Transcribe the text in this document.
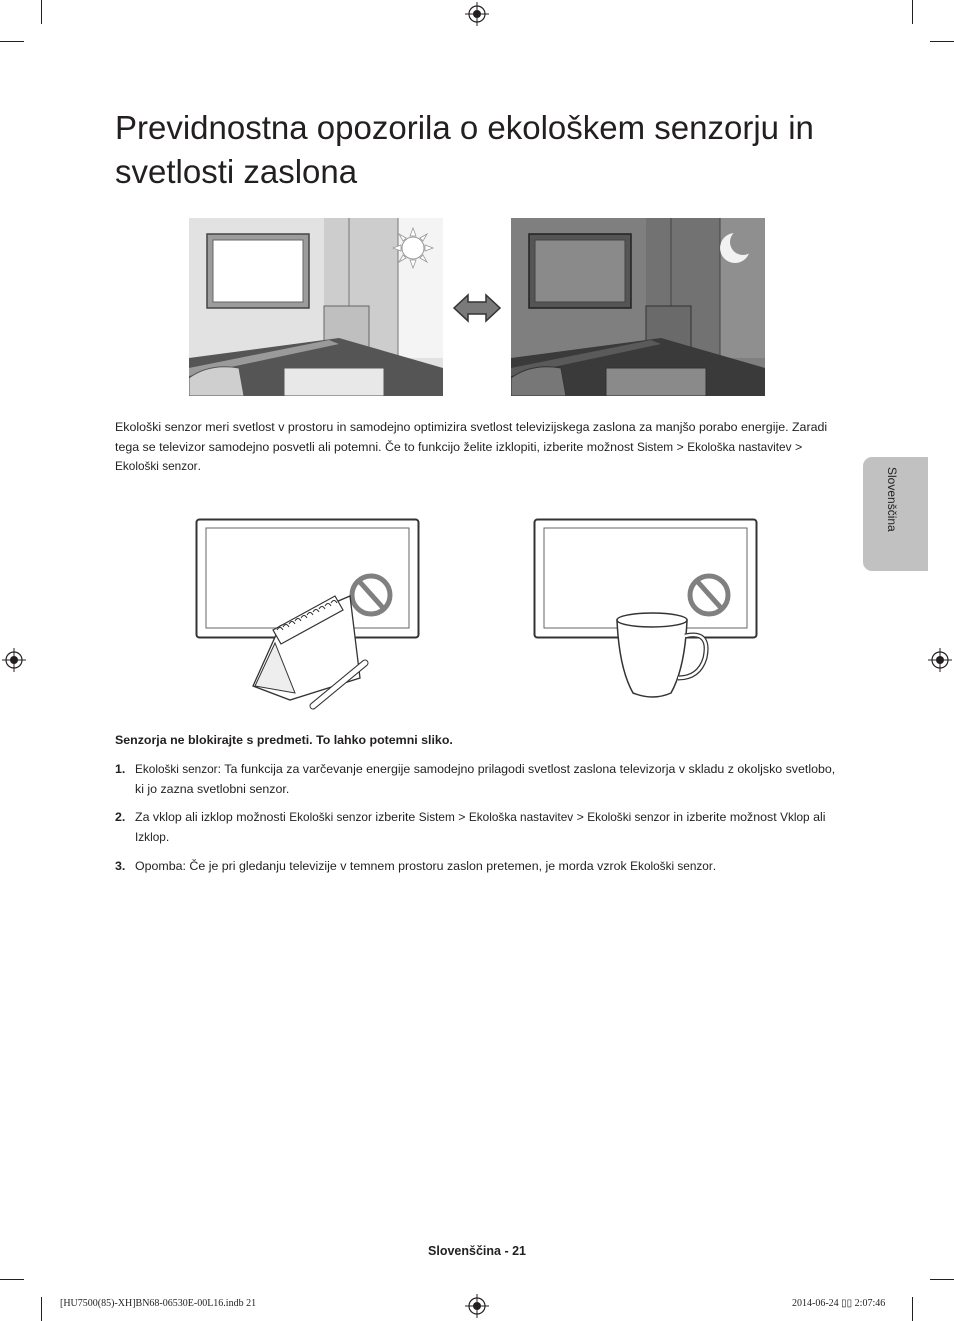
Previdnostna opozorila o ekološkem senzorju in svetlosti zaslona
Ekološki senzor meri svetlost v prostoru in samodejno optimizira svetlost televizijskega zaslona za manjšo porabo energije. Zaradi tega se televizor samodejno posvetli ali potemni. Če to funkcijo želite izklopiti, izberite možnost Sistem > Ekološka nastavitev > Ekološki senzor.
Senzorja ne blokirajte s predmeti. To lahko potemni sliko.
1. Ekološki senzor: Ta funkcija za varčevanje energije samodejno prilagodi svetlost zaslona televizorja v skladu z okoljsko svetlobo, ki jo zazna svetlobni senzor.
2. Za vklop ali izklop možnosti Ekološki senzor izberite Sistem > Ekološka nastavitev > Ekološki senzor in izberite možnost Vklop ali Izklop.
3. Opomba: Če je pri gledanju televizije v temnem prostoru zaslon pretemen, je morda vzrok Ekološki senzor.
Slovenščina
Slovenščina - 21
[HU7500(85)-XH]BN68-06530E-00L16.indb 21	2014-06-24 ▯▯ 2:07:46
